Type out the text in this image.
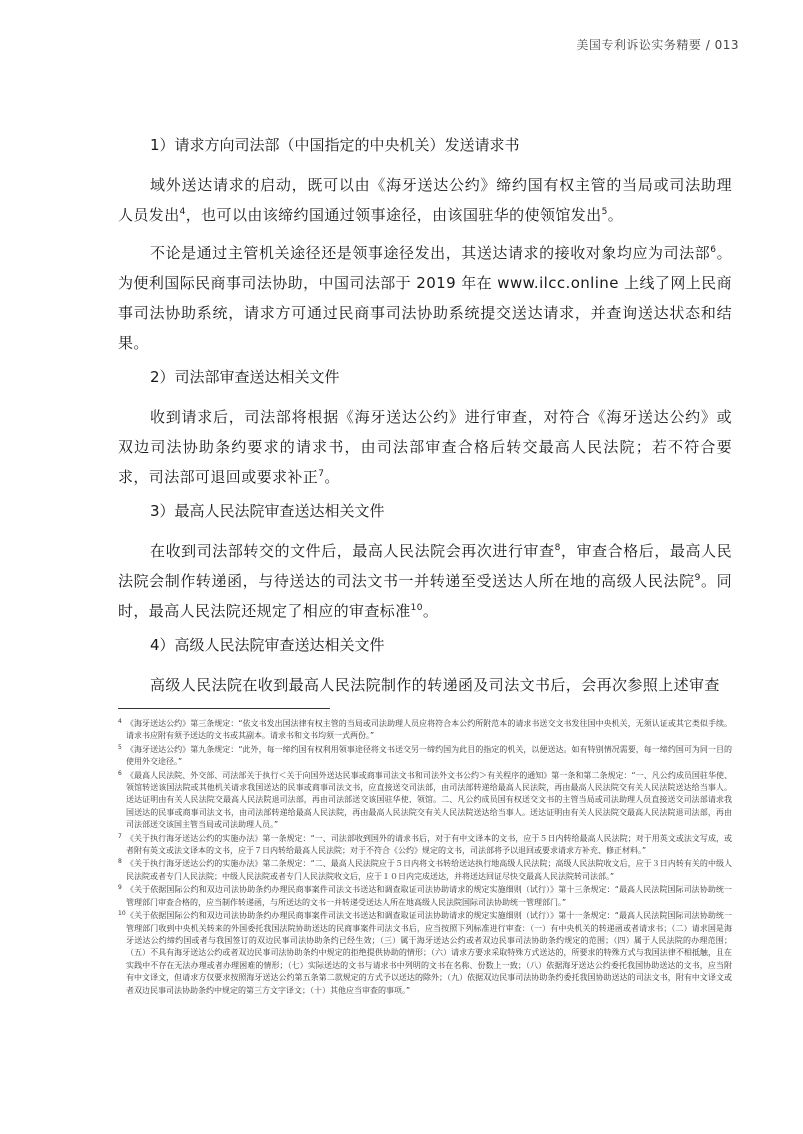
美国专利诉讼实务精要 / 013
1）请求方向司法部（中国指定的中央机关）发送请求书

域外送达请求的启动，既可以由《海牙送达公约》缔约国有权主管的当局或司法助理人员发出$^4$，也可以由该缔约国通过领事途径，由该国驻华的使领馆发出$^5$。

不论是通过主管机关途径还是领事途径发出，其送达请求的接收对象均应为司法部$^6$。为便利国际民商事司法协助，中国司法部于 2019 年在 www.ilcc.online 上线了网上民商事司法协助系统，请求方可通过民商事司法协助系统提交送达请求，并查询送达状态和结果。

2）司法部审查送达相关文件

收到请求后，司法部将根据《海牙送达公约》进行审查，对符合《海牙送达公约》或双边司法协助条约要求的请求书，由司法部审查合格后转交最高人民法院；若不符合要求，司法部可退回或要求补正$^7$。

3）最高人民法院审查送达相关文件

在收到司法部转交的文件后，最高人民法院会再次进行审查$^8$，审查合格后，最高人民法院会制作转递函，与待送达的司法文书一并转递至受送达人所在地的高级人民法院$^9$。同时，最高人民法院还规定了相应的审查标准$^{10}$。

4）高级人民法院审查送达相关文件

高级人民法院在收到最高人民法院制作的转递函及司法文书后，会再次参照上述审查

4 《海牙送达公约》第三条规定：“依文书发出国法律有权主管的当局或司法助理人员应将符合本公约所附范本的请求书送交文书发往国中央机关，无须认证或其它类似手续。请求书应附有须予送达的文书或其副本。请求书和文书均须一式两份。”
5 《海牙送达公约》第九条规定：“此外，每一缔约国有权利用领事途径将文书送交另一缔约国为此目的指定的机关，以便送达。如有特别情况需要，每一缔约国可为同一目的使用外交途径。”
6 《最高人民法院、外交部、司法部关于执行＜关于向国外送达民事或商事司法文书和司法外文书公约＞有关程序的通知》第一条和第二条规定：“一、凡公约成员国驻华使、领馆转送该国法院或其他机关请求我国送达的民事或商事司法文书，应直接送交司法部，由司法部转递给最高人民法院，再由最高人民法院交有关人民法院送达给当事人。送达证明由有关人民法院交最高人民法院退司法部，再由司法部送交该国驻华使、领馆。二、凡公约成员国有权送交文书的主管当局或司法助理人员直接送交司法部请求我国送达的民事或商事司法文书，由司法部转递给最高人民法院，再由最高人民法院交有关人民法院送达给当事人。送达证明由有关人民法院交最高人民法院退司法部，再由司法部送交该国主管当局或司法助理人员。”
7 《关于执行海牙送达公约的实施办法》第一条规定：“一、司法部收到国外的请求书后，对于有中文译本的文书，应于５日内转给最高人民法院；对于用英文或法文写成，或者附有英文或法文译本的文书，应于７日内转给最高人民法院；对于不符合《公约》规定的文书，司法部将予以退回或要求请求方补充、修正材料。”
8 《关于执行海牙送达公约的实施办法》第二条规定：“二、最高人民法院应于５日内将文书转给送达执行地高级人民法院；高级人民法院收文后，应于３日内转有关的中级人民法院或者专门人民法院；中级人民法院或者专门人民法院收文后，应于１０日内完成送达，并将送达回证尽快交最高人民法院转司法部。”
9 《关于依据国际公约和双边司法协助条约办理民商事案件司法文书送达和调查取证司法协助请求的规定实施细则（试行）》第十三条规定：“最高人民法院国际司法协助统一管理部门审查合格的，应当制作转递函，与所送达的文书一并转递受送达人所在地高级人民法院国际司法协助统一管理部门。”
10 《关于依据国际公约和双边司法协助条约办理民商事案件司法文书送达和调查取证司法协助请求的规定实施细则（试行）》第十一条规定：“最高人民法院国际司法协助统一管理部门收到中央机关转来的外国委托我国法院协助送达的民商事案件司法文书后，应当按照下列标准进行审查：（一）有中央机关的转递函或者请求书；（二）请求国是海牙送达公约缔约国或者与我国签订的双边民事司法协助条约已经生效；（三）属于海牙送达公约或者双边民事司法协助条约规定的范围；（四）属于人民法院的办理范围；（五）不具有海牙送达公约或者双边民事司法协助条约中规定的拒绝提供协助的情形；（六）请求方要求采取特殊方式送达的，所要求的特殊方式与我国法律不相抵触，且在实践中不存在无法办理或者办理困难的情形；（七）实际送达的文书与请求书中列明的文书在名称、份数上一致；（八）依据海牙送达公约委托我国协助送达的文书，应当附有中文译文，但请求方仅要求按照海牙送达公约第五条第二款规定的方式予以送达的除外；（九）依据双边民事司法协助条约委托我国协助送达的司法文书，附有中文译文或者双边民事司法协助条约中规定的第三方文字译文；（十）其他应当审查的事项。”
